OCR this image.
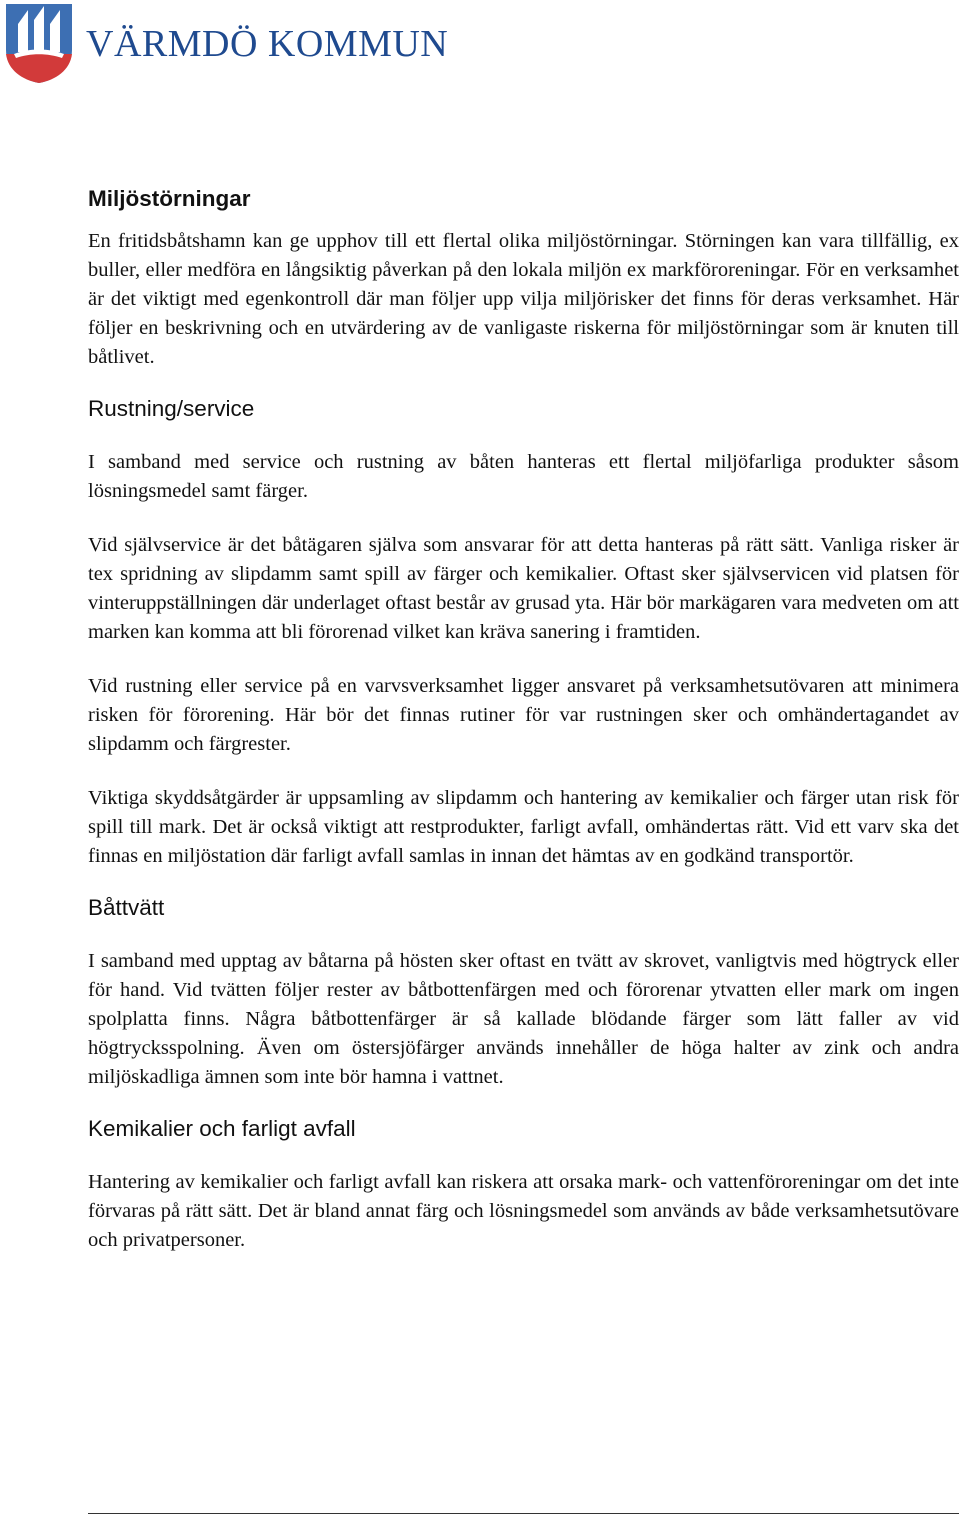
VÄRMDÖ KOMMUN
Miljöstörningar

En fritidsbåtshamn kan ge upphov till ett flertal olika miljöstörningar. Störningen kan vara tillfällig, ex buller, eller medföra en långsiktig påverkan på den lokala miljön ex markföroreningar. För en verksamhet är det viktigt med egenkontroll där man följer upp vilja miljörisker det finns för deras verksamhet. Här följer en beskrivning och en utvärdering av de vanligaste riskerna för miljöstörningar som är knuten till båtlivet.

Rustning/service

I samband med service och rustning av båten hanteras ett flertal miljöfarliga produkter såsom lösningsmedel samt färger.

Vid självservice är det båtägaren själva som ansvarar för att detta hanteras på rätt sätt. Vanliga risker är tex spridning av slipdamm samt spill av färger och kemikalier. Oftast sker självservicen vid platsen för vinteruppställningen där underlaget oftast består av grusad yta. Här bör markägaren vara medveten om att marken kan komma att bli förorenad vilket kan kräva sanering i framtiden.

Vid rustning eller service på en varvsverksamhet ligger ansvaret på verksamhetsutövaren att minimera risken för förorening. Här bör det finnas rutiner för var rustningen sker och omhändertagandet av slipdamm och färgrester.

Viktiga skyddsåtgärder är uppsamling av slipdamm och hantering av kemikalier och färger utan risk för spill till mark. Det är också viktigt att restprodukter, farligt avfall, omhändertas rätt. Vid ett varv ska det finnas en miljöstation där farligt avfall samlas in innan det hämtas av en godkänd transportör.

Båttvätt

I samband med upptag av båtarna på hösten sker oftast en tvätt av skrovet, vanligtvis med högtryck eller för hand. Vid tvätten följer rester av båtbottenfärgen med och förorenar ytvatten eller mark om ingen spolplatta finns. Några båtbottenfärger är så kallade blödande färger som lätt faller av vid högtrycksspolning. Även om östersjöfärger används innehåller de höga halter av zink och andra miljöskadliga ämnen som inte bör hamna i vattnet.

Kemikalier och farligt avfall

Hantering av kemikalier och farligt avfall kan riskera att orsaka mark- och vattenföroreningar om det inte förvaras på rätt sätt. Det är bland annat färg och lösningsmedel som används av både verksamhetsutövare och privatpersoner.
